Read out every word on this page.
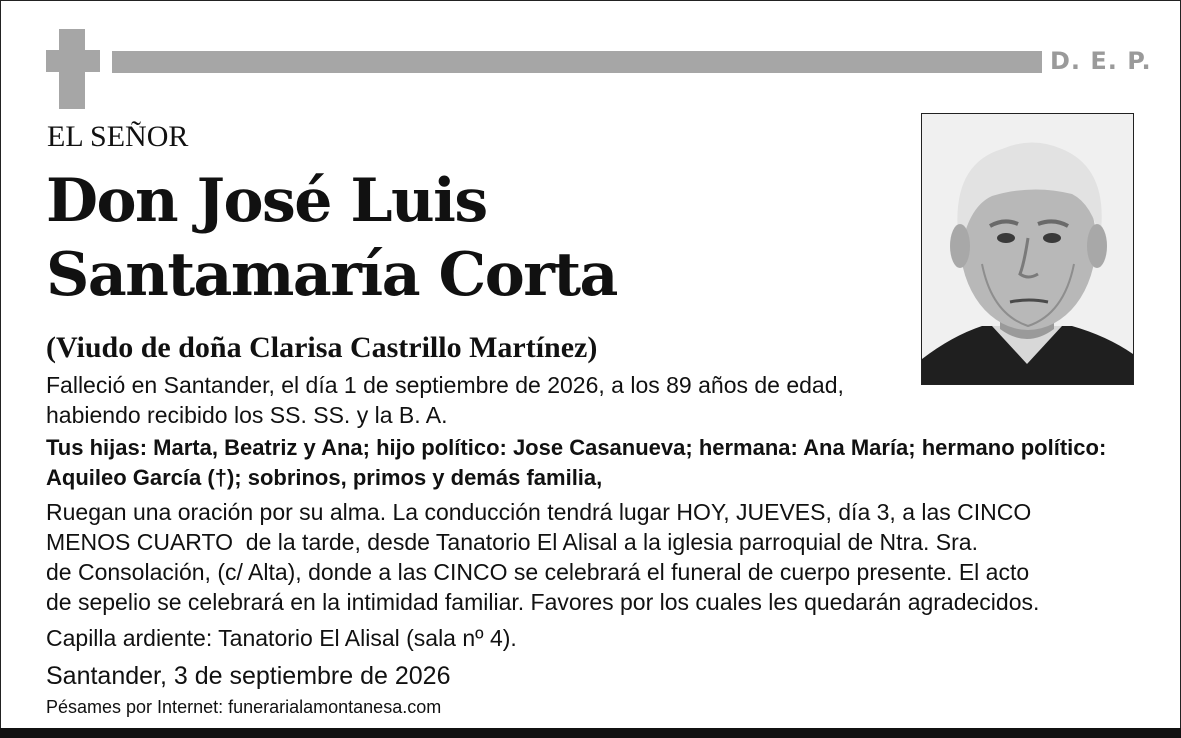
D. E. P.
EL SEÑOR
Don José Luis
Santamaría Corta
(Viudo de doña Clarisa Castrillo Martínez)
Falleció en Santander, el día 1 de septiembre de 2026, a los 89 años de edad, habiendo recibido los SS. SS. y la B. A.
Tus hijas: Marta, Beatriz y Ana; hijo político: Jose Casanueva; hermana: Ana María; hermano político: Aquileo García (†); sobrinos, primos y demás familia,
Ruegan una oración por su alma. La conducción tendrá lugar HOY, JUEVES, día 3, a las CINCO
MENOS CUARTO  de la tarde, desde Tanatorio El Alisal a la iglesia parroquial de Ntra. Sra.
de Consolación, (c/ Alta), donde a las CINCO se celebrará el funeral de cuerpo presente. El acto
de sepelio se celebrará en la intimidad familiar. Favores por los cuales les quedarán agradecidos.
Capilla ardiente: Tanatorio El Alisal (sala nº 4).
Santander, 3 de septiembre de 2026
Pésames por Internet: funerarialamontanesa.com
